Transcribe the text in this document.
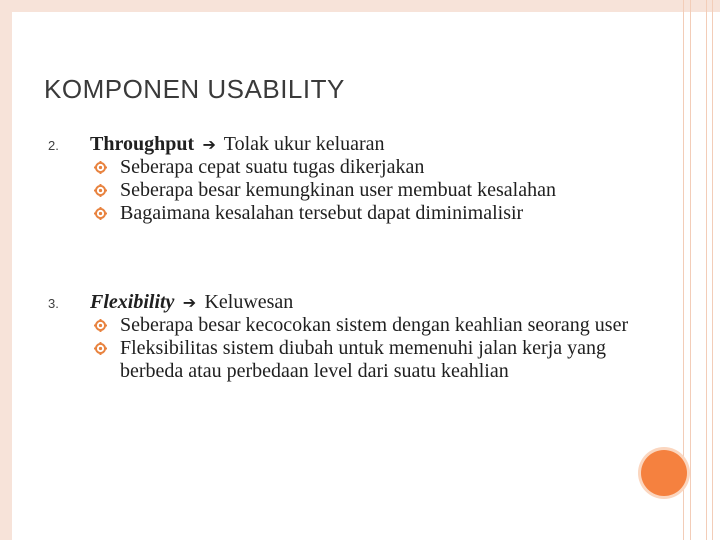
KOMPONEN USABILITY
2. Throughput ➔ Tolak ukur keluaran
Seberapa cepat suatu tugas dikerjakan
Seberapa besar kemungkinan user membuat kesalahan
Bagaimana kesalahan tersebut dapat diminimalisir
3. Flexibility ➔ Keluwesan
Seberapa besar kecocokan sistem dengan keahlian seorang user
Fleksibilitas sistem diubah untuk memenuhi jalan kerja yang berbeda atau perbedaan level dari suatu keahlian
